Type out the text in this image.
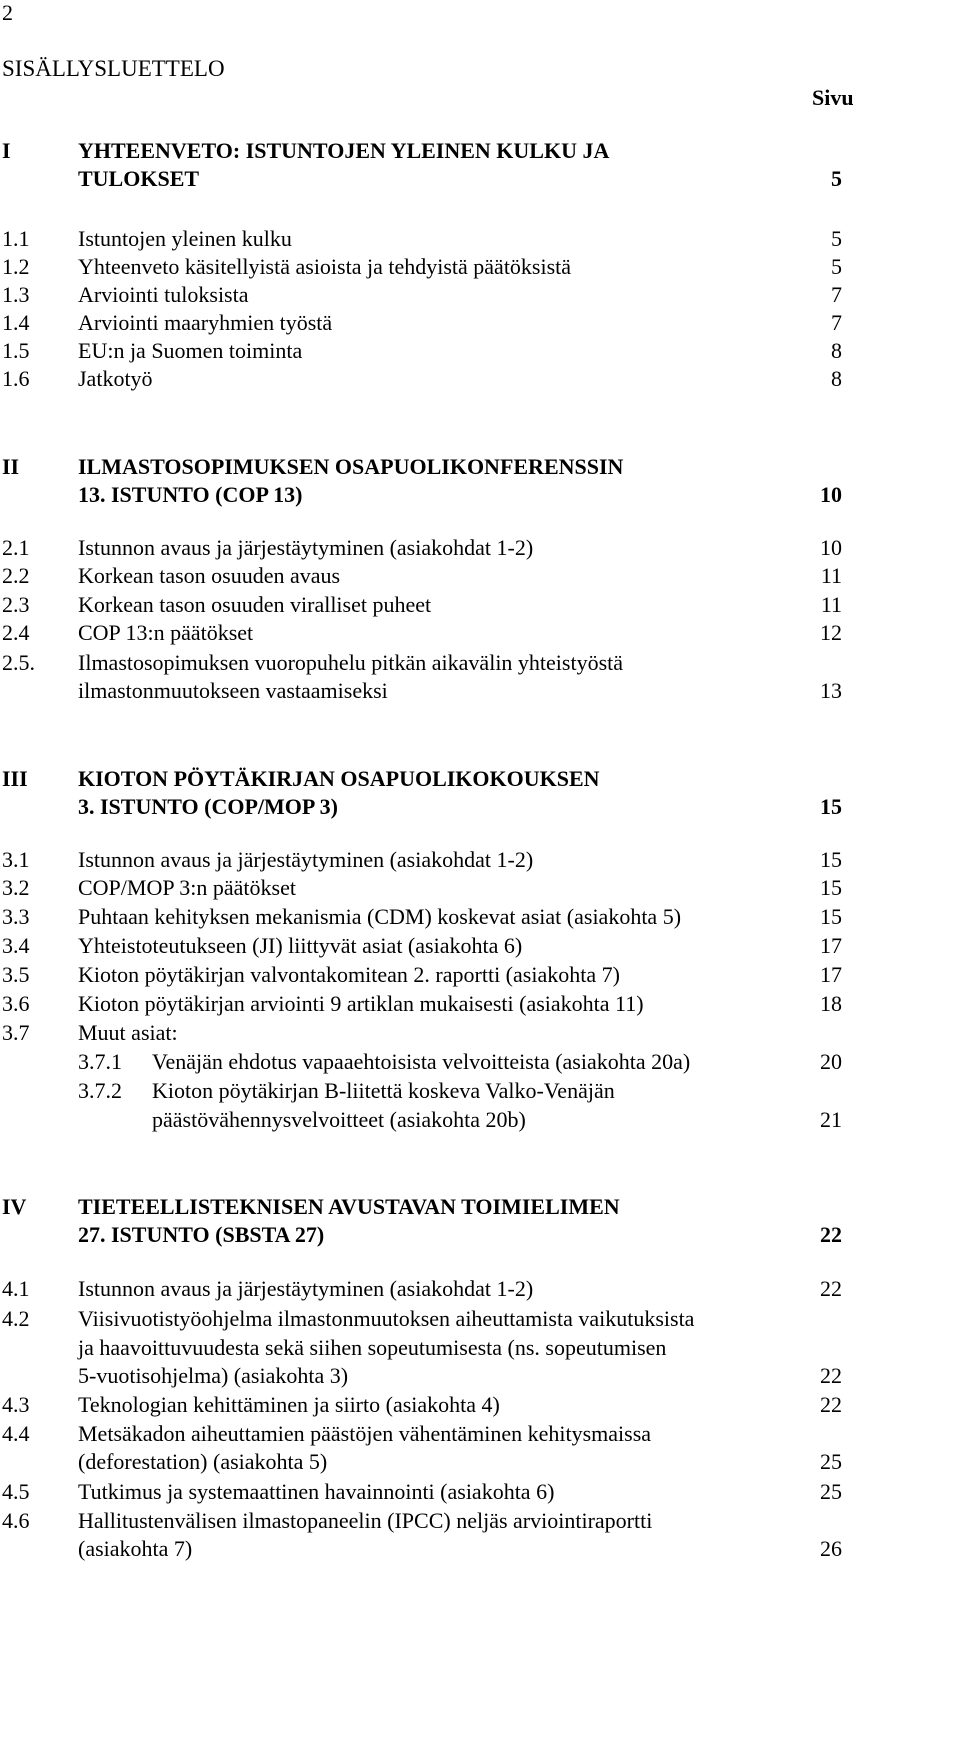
2
SISÄLLYSLUETTELO
Sivu
I	YHTEENVETO: ISTUNTOJEN YLEINEN KULKU JA
TULOKSET	5
1.1 Istuntojen yleinen kulku	5
1.2 Yhteenveto käsitellyistä asioista ja tehdyistä päätöksistä	5
1.3 Arviointi tuloksista	7
1.4 Arviointi maaryhmien työstä	7
1.5 EU:n ja Suomen toiminta	8
1.6 Jatkotyö	8
II	ILMASTOSOPIMUKSEN OSAPUOLIKONFERENSSIN
13. ISTUNTO (COP 13)	10
2.1 Istunnon avaus ja järjestäytyminen (asiakohdat 1-2)	10
2.2 Korkean tason osuuden avaus	11
2.3 Korkean tason osuuden viralliset puheet	11
2.4 COP 13:n päätökset	12
2.5. Ilmastosopimuksen vuoropuhelu pitkän aikavälin yhteistyöstä
ilmastonmuutokseen vastaamiseksi	13
III KIOTON PÖYTÄKIRJAN OSAPUOLIKOKOUKSEN
3. ISTUNTO (COP/MOP 3)	15
3.1 Istunnon avaus ja järjestäytyminen (asiakohdat 1-2)	15
3.2 COP/MOP 3:n päätökset	15
3.3 Puhtaan kehityksen mekanismia (CDM) koskevat asiat (asiakohta 5)	15
3.4 Yhteistoteutukseen (JI) liittyvät asiat (asiakohta 6)	17
3.5 Kioton pöytäkirjan valvontakomitean 2. raportti (asiakohta 7)	17
3.6 Kioton pöytäkirjan arviointi 9 artiklan mukaisesti (asiakohta 11)	18
3.7 Muut asiat:
3.7.1 Venäjän ehdotus vapaaehtoisista velvoitteista (asiakohta 20a)	20
3.7.2 Kioton pöytäkirjan B-liitettä koskeva Valko-Venäjän
päästövähennysvelvoitteet (asiakohta 20b)	21
IV TIETEELLISTEKNISEN AVUSTAVAN TOIMIELIMEN
27. ISTUNTO (SBSTA 27)	22
4.1 Istunnon avaus ja järjestäytyminen (asiakohdat 1-2)	22
4.2 Viisivuotistyöohjelma ilmastonmuutoksen aiheuttamista vaikutuksista
ja haavoittuvuudesta sekä siihen sopeutumisesta (ns. sopeutumisen
5-vuotisohjelma) (asiakohta 3)	22
4.3 Teknologian kehittäminen ja siirto (asiakohta 4)	22
4.4 Metsäkadon aiheuttamien päästöjen vähentäminen kehitysmaissa
(deforestation) (asiakohta 5)	25
4.5 Tutkimus ja systemaattinen havainnointi (asiakohta 6)	25
4.6 Hallitustenvälisen ilmastopaneelin (IPCC) neljäs arviointiraportti
(asiakohta 7)	26
